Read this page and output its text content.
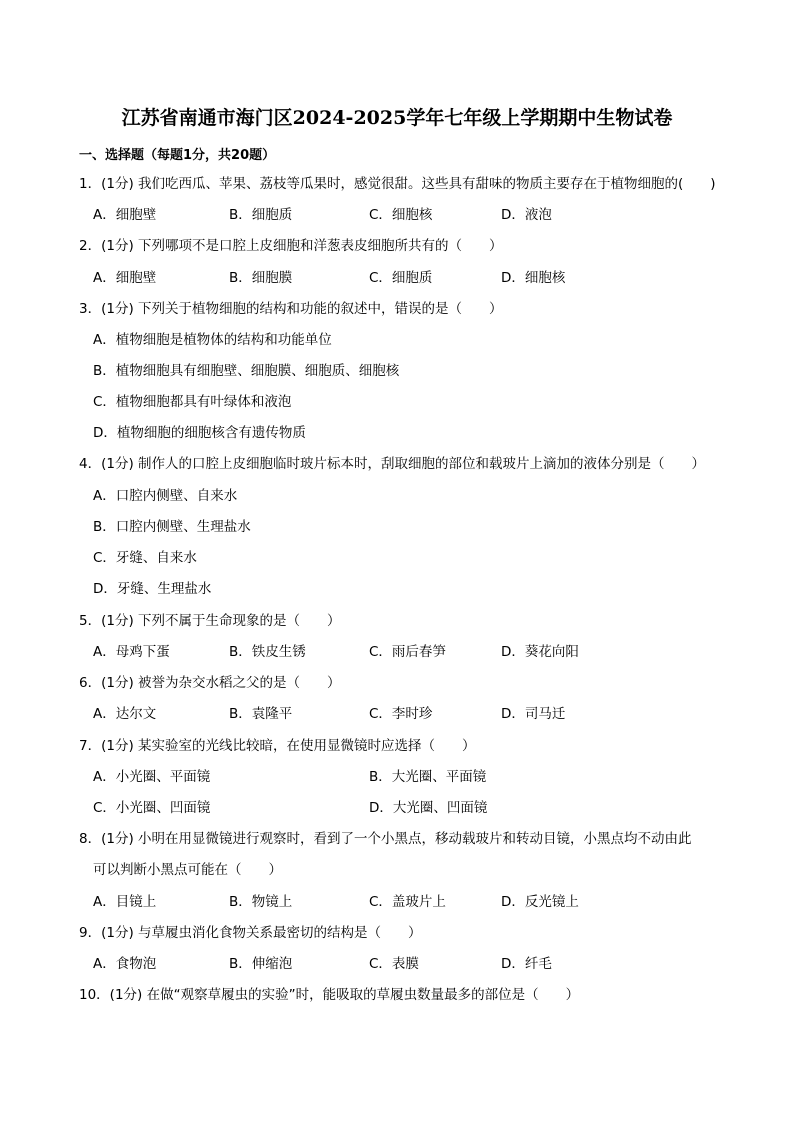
江苏省南通市海门区2024-2025学年七年级上学期期中生物试卷
一、选择题（每题1分，共20题）
1．(1分) 我们吃西瓜、苹果、荔枝等瓜果时，感觉很甜。这些具有甜味的物质主要存在于植物细胞的(　　)
A．细胞壁	B．细胞质	C．细胞核	D．液泡
2．(1分) 下列哪项不是口腔上皮细胞和洋葱表皮细胞所共有的（　　）
A．细胞壁	B．细胞膜	C．细胞质	D．细胞核
3．(1分) 下列关于植物细胞的结构和功能的叙述中，错误的是（　　）
A．植物细胞是植物体的结构和功能单位
B．植物细胞具有细胞壁、细胞膜、细胞质、细胞核
C．植物细胞都具有叶绿体和液泡
D．植物细胞的细胞核含有遗传物质
4．(1分) 制作人的口腔上皮细胞临时玻片标本时，刮取细胞的部位和载玻片上滴加的液体分别是（　　）
A．口腔内侧壁、自来水
B．口腔内侧壁、生理盐水
C．牙缝、自来水
D．牙缝、生理盐水
5．(1分) 下列不属于生命现象的是（　　）
A．母鸡下蛋	B．铁皮生锈	C．雨后春笋	D．葵花向阳
6．(1分) 被誉为杂交水稻之父的是（　　）
A．达尔文	B．袁隆平	C．李时珍	D．司马迁
7．(1分) 某实验室的光线比较暗，在使用显微镜时应选择（　　）
A．小光圈、平面镜	B．大光圈、平面镜
C．小光圈、凹面镜	D．大光圈、凹面镜
8．(1分) 小明在用显微镜进行观察时，看到了一个小黑点，移动载玻片和转动目镜，小黑点均不动由此
可以判断小黑点可能在（　　）
A．目镜上	B．物镜上	C．盖玻片上	D．反光镜上
9．(1分) 与草履虫消化食物关系最密切的结构是（　　）
A．食物泡	B．伸缩泡	C．表膜	D．纤毛
10．(1分) 在做“观察草履虫的实验”时，能吸取的草履虫数量最多的部位是（　　）
